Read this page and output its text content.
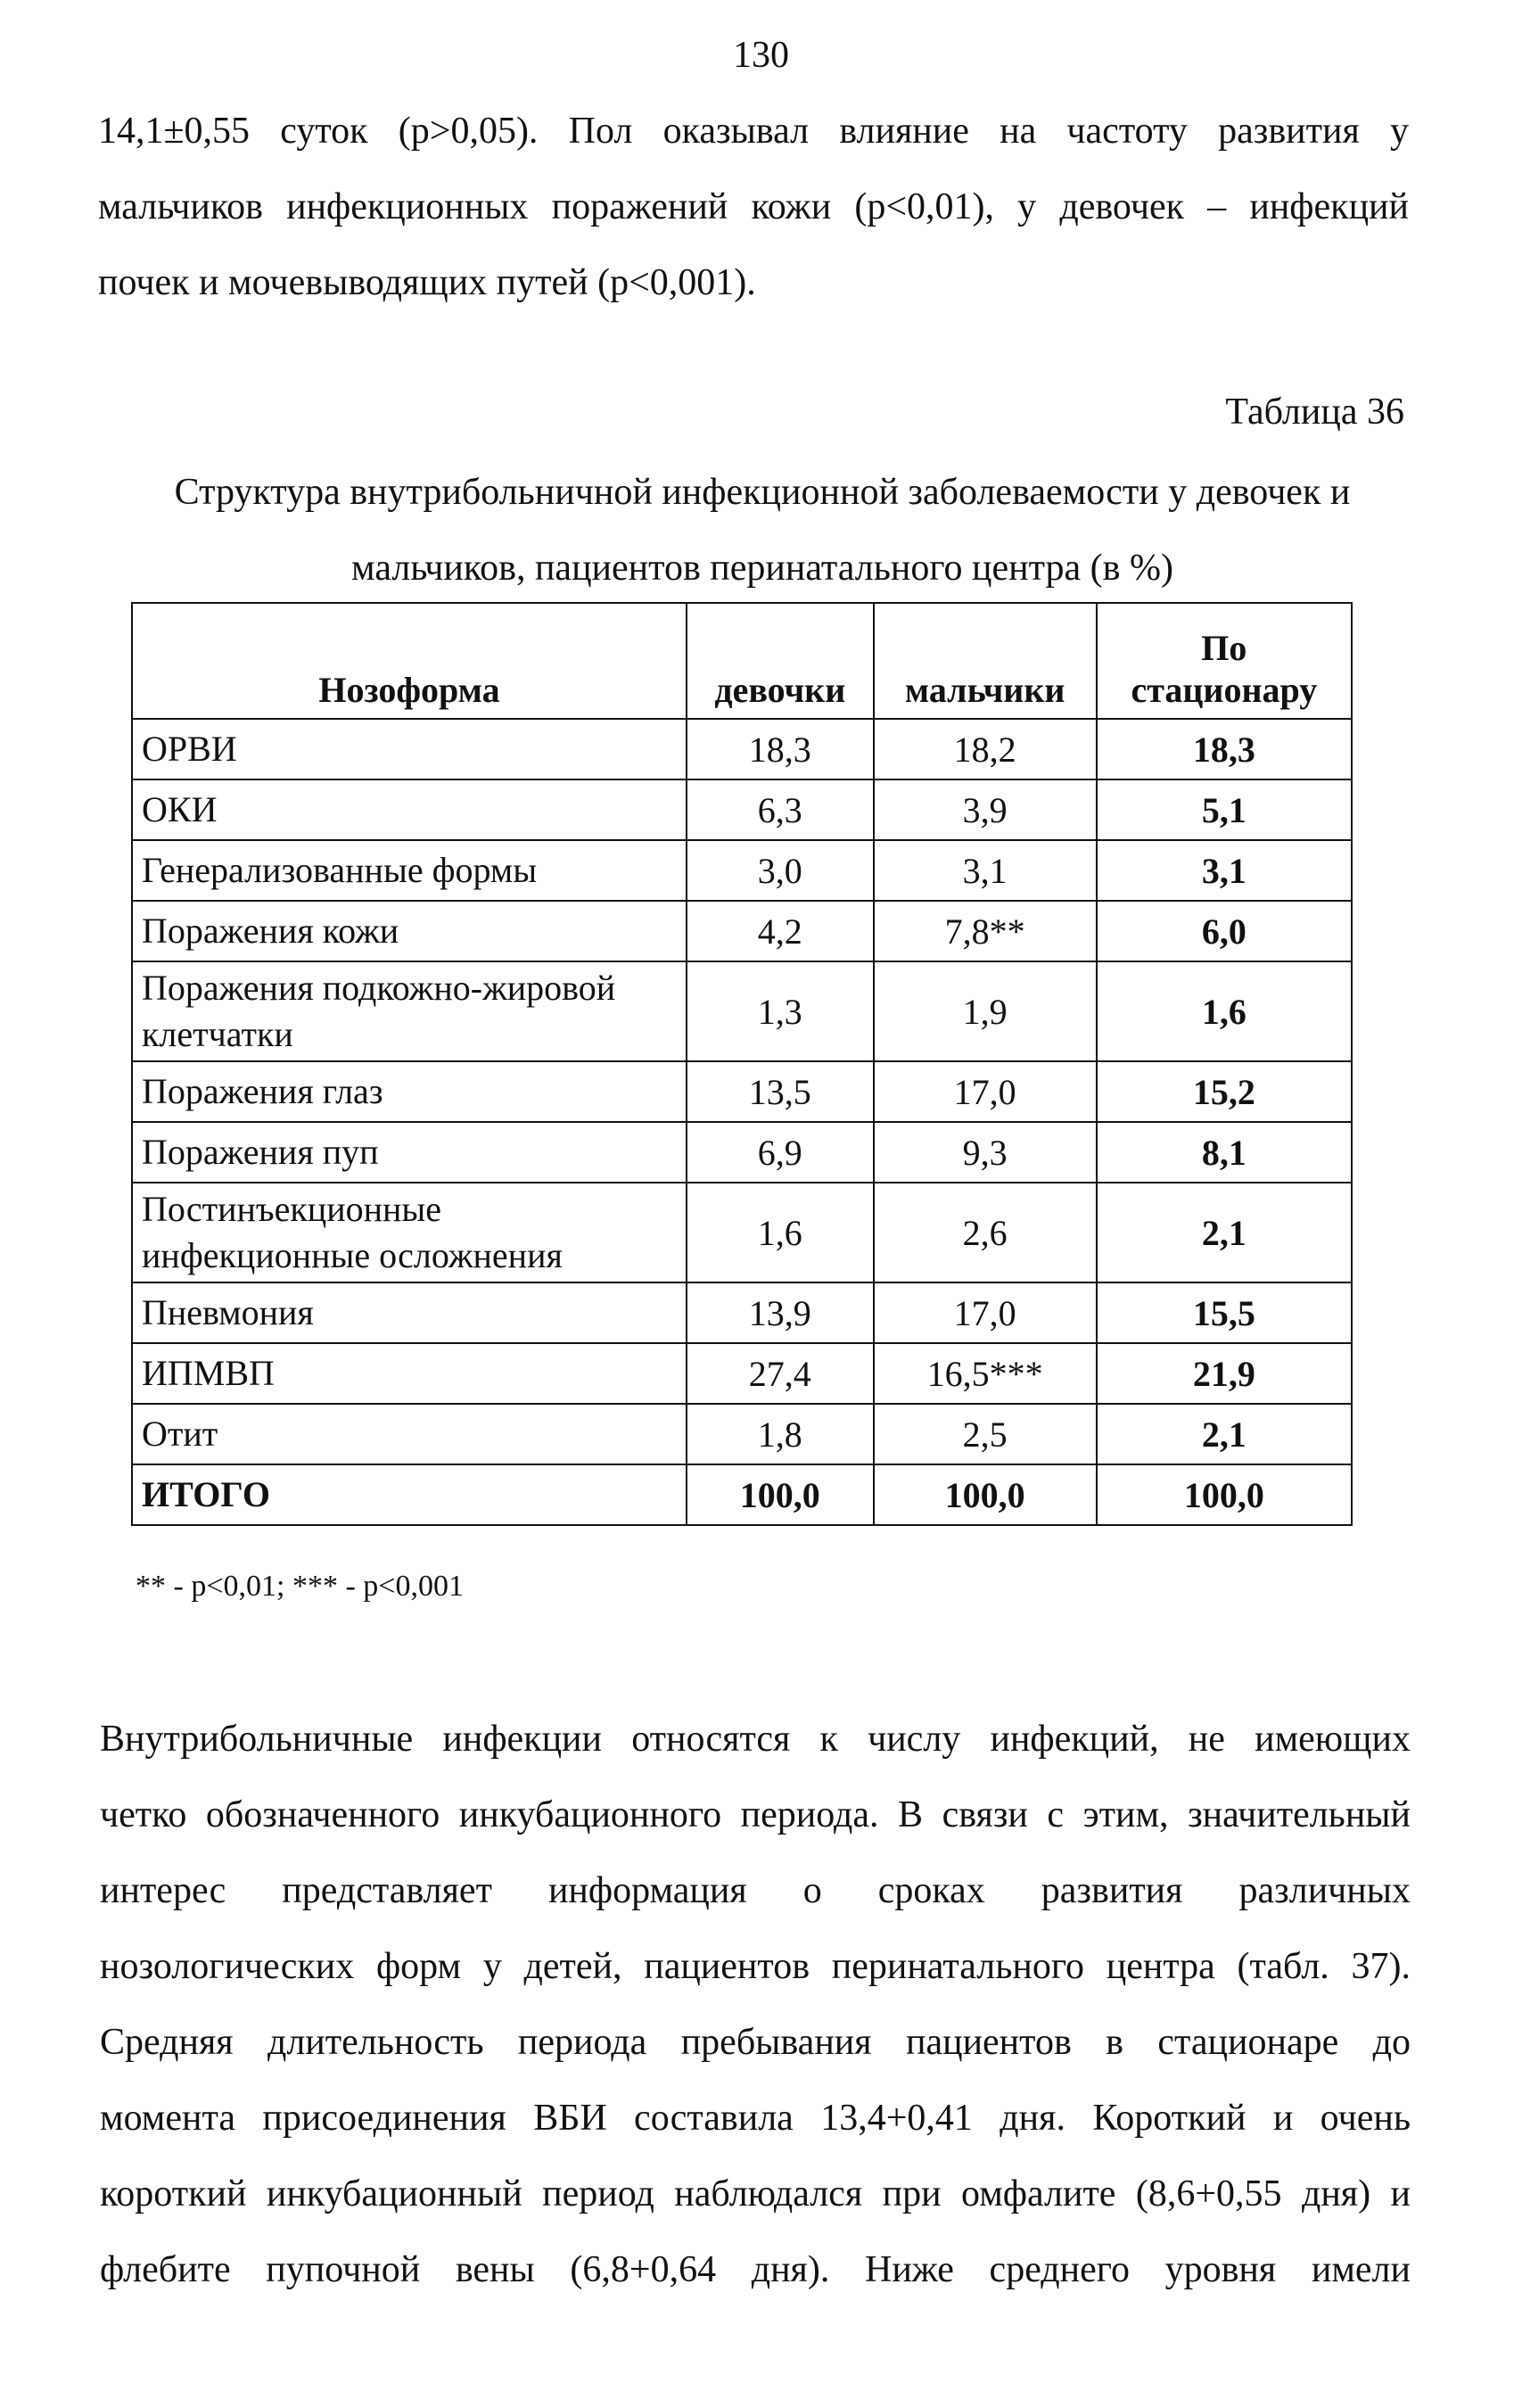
130
14,1±0,55 суток (p>0,05). Пол оказывал влияние на частоту развития у
мальчиков инфекционных поражений кожи (p<0,01), у девочек – инфекций
почек и мочевыводящих путей (p<0,001).
Таблица 36
Структура внутрибольничной инфекционной заболеваемости у девочек и
мальчиков, пациентов перинатального центра (в %)
Нозоформа	девочки	мальчики	По
стационару

ОРВИ	18,3	18,2	18,3
ОКИ	6,3	3,9	5,1
Генерализованные формы	3,0	3,1	3,1
Поражения кожи	4,2	7,8**	6,0

Поражения подкожно-жировой
клетчатки	1,3	1,9	1,6
Поражения глаз	13,5	17,0	15,2
Поражения пуп	6,9	9,3	8,1

Постинъекционные
инфекционные осложнения	1,6	2,6	2,1
Пневмония	13,9	17,0	15,5
ИПМВП	27,4	16,5***	21,9
Отит	1,8	2,5	2,1
ИТОГО	100,0	100,0	100,0
** - p<0,01; *** - p<0,001
Внутрибольничные инфекции относятся к числу инфекций, не имеющих
четко обозначенного инкубационного периода. В связи с этим, значительный
интерес представляет информация о сроках развития различных
нозологических форм у детей, пациентов перинатального центра (табл. 37).
Средняя длительность периода пребывания пациентов в стационаре до
момента присоединения ВБИ составила 13,4+0,41 дня. Короткий и очень
короткий инкубационный период наблюдался при омфалите (8,6+0,55 дня) и
флебите пупочной вены (6,8+0,64 дня). Ниже среднего уровня имели
